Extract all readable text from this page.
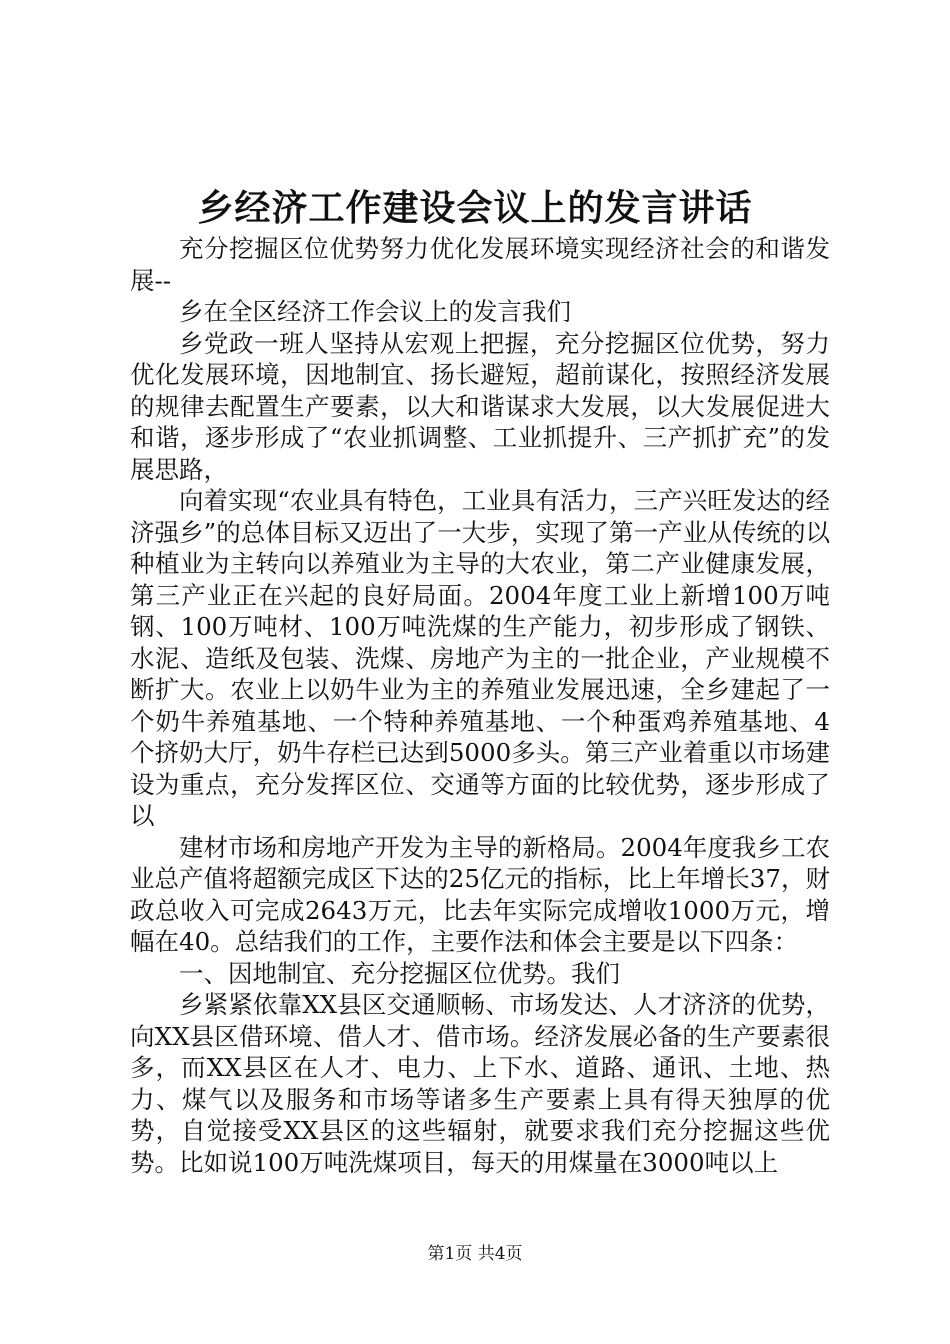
乡经济工作建设会议上的发言讲话

充分挖掘区位优势努力优化发展环境实现经济社会的和谐发展--

乡在全区经济工作会议上的发言我们

乡党政一班人坚持从宏观上把握，充分挖掘区位优势，努力优化发展环境，因地制宜、扬长避短，超前谋化，按照经济发展的规律去配置生产要素，以大和谐谋求大发展，以大发展促进大和谐，逐步形成了“农业抓调整、工业抓提升、三产抓扩充”的发展思路，

向着实现“农业具有特色，工业具有活力，三产兴旺发达的经济强乡”的总体目标又迈出了一大步，实现了第一产业从传统的以种植业为主转向以养殖业为主导的大农业，第二产业健康发展，第三产业正在兴起的良好局面。2004年度工业上新增100万吨钢、100万吨材、100万吨洗煤的生产能力，初步形成了钢铁、水泥、造纸及包装、洗煤、房地产为主的一批企业，产业规模不断扩大。农业上以奶牛业为主的养殖业发展迅速，全乡建起了一个奶牛养殖基地、一个特种养殖基地、一个种蛋鸡养殖基地、4个挤奶大厅，奶牛存栏已达到5000多头。第三产业着重以市场建设为重点，充分发挥区位、交通等方面的比较优势，逐步形成了以

建材市场和房地产开发为主导的新格局。2004年度我乡工农业总产值将超额完成区下达的25亿元的指标，比上年增长37，财政总收入可完成2643万元，比去年实际完成增收1000万元，增幅在40。总结我们的工作，主要作法和体会主要是以下四条：

一、因地制宜、充分挖掘区位优势。我们

乡紧紧依靠XX县区交通顺畅、市场发达、人才济济的优势，向XX县区借环境、借人才、借市场。经济发展必备的生产要素很多，而XX县区在人才、电力、上下水、道路、通讯、土地、热力、煤气以及服务和市场等诸多生产要素上具有得天独厚的优势，自觉接受XX县区的这些辐射，就要求我们充分挖掘这些优势。比如说100万吨洗煤项目，每天的用煤量在3000吨以上

第1页 共4页
